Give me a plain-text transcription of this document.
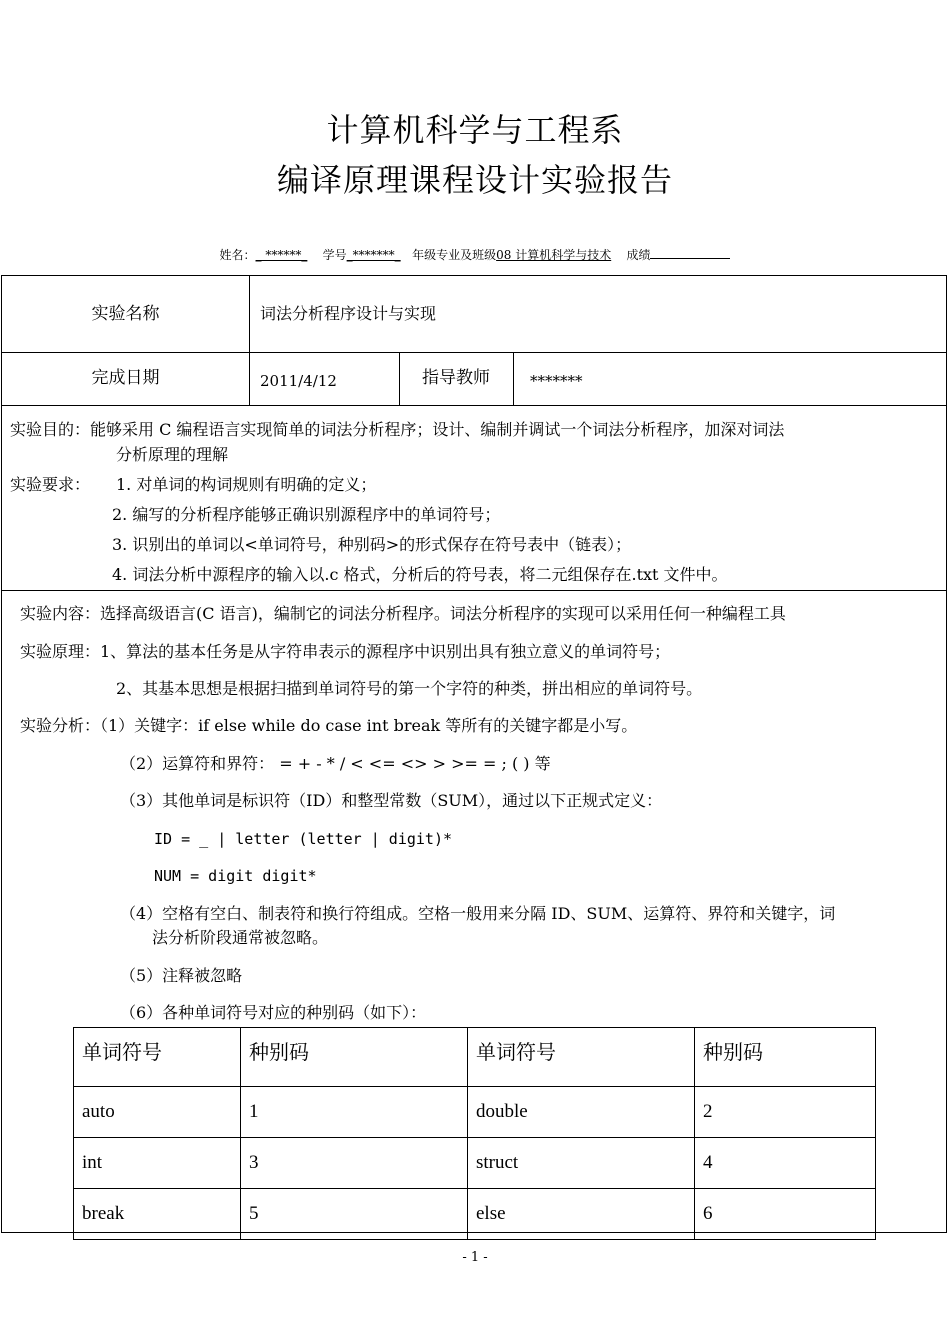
计算机科学与工程系
编译原理课程设计实验报告
姓名：_ ******_ 学号_*******_ 年级专业及班级08 计算机科学与技术 成绩
实验名称	词法分析程序设计与实现
完成日期	2011/4/12	指导教师	*******
实验目的：能够采用 C 编程语言实现简单的词法分析程序；设计、编制并调试一个词法分析程序，加深对词法
分析原理的理解
实验要求： 1. 对单词的构词规则有明确的定义；
2. 编写的分析程序能够正确识别源程序中的单词符号；
3. 识别出的单词以<单词符号，种别码>的形式保存在符号表中（链表）；
4. 词法分析中源程序的输入以.c 格式，分析后的符号表，将二元组保存在.txt 文件中。
实验内容：选择高级语言(C 语言)，编制它的词法分析程序。词法分析程序的实现可以采用任何一种编程工具
实验原理：1、算法的基本任务是从字符串表示的源程序中识别出具有独立意义的单词符号；
2、其基本思想是根据扫描到单词符号的第一个字符的种类，拼出相应的单词符号。
实验分析：（1）关键字：if else while do case int break 等所有的关键字都是小写。
（2）运算符和界符： = + - * / < <= <> > >= = ; ( ) 等
（3）其他单词是标识符（ID）和整型常数（SUM），通过以下正规式定义：
ID = _ | letter (letter | digit)*
NUM = digit digit*
（4）空格有空白、制表符和换行符组成。空格一般用来分隔 ID、SUM、运算符、界符和关键字，词
法分析阶段通常被忽略。
（5）注释被忽略
（6）各种单词符号对应的种别码（如下）：
单词符号	种别码	单词符号	种别码
auto	1	double	2
int	3	struct	4
break	5	else	6
- 1 -
